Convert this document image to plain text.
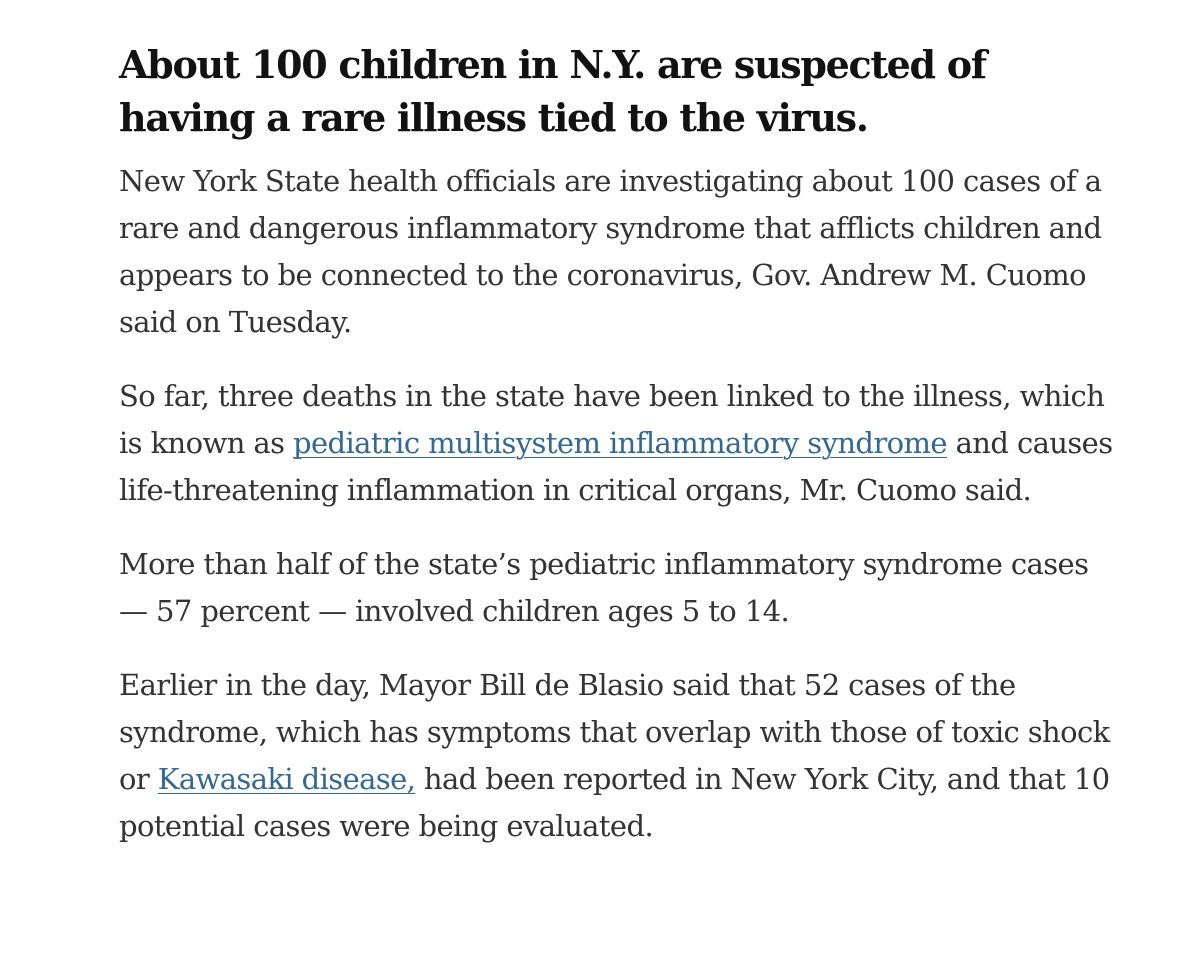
About 100 children in N.Y. are suspected of having a rare illness tied to the virus.

New York State health officials are investigating about 100 cases of a rare and dangerous inflammatory syndrome that afflicts children and appears to be connected to the coronavirus, Gov. Andrew M. Cuomo said on Tuesday.

So far, three deaths in the state have been linked to the illness, which is known as pediatric multisystem inflammatory syndrome and causes life-threatening inflammation in critical organs, Mr. Cuomo said.

More than half of the state’s pediatric inflammatory syndrome cases — 57 percent — involved children ages 5 to 14.

Earlier in the day, Mayor Bill de Blasio said that 52 cases of the syndrome, which has symptoms that overlap with those of toxic shock or Kawasaki disease, had been reported in New York City, and that 10 potential cases were being evaluated.
